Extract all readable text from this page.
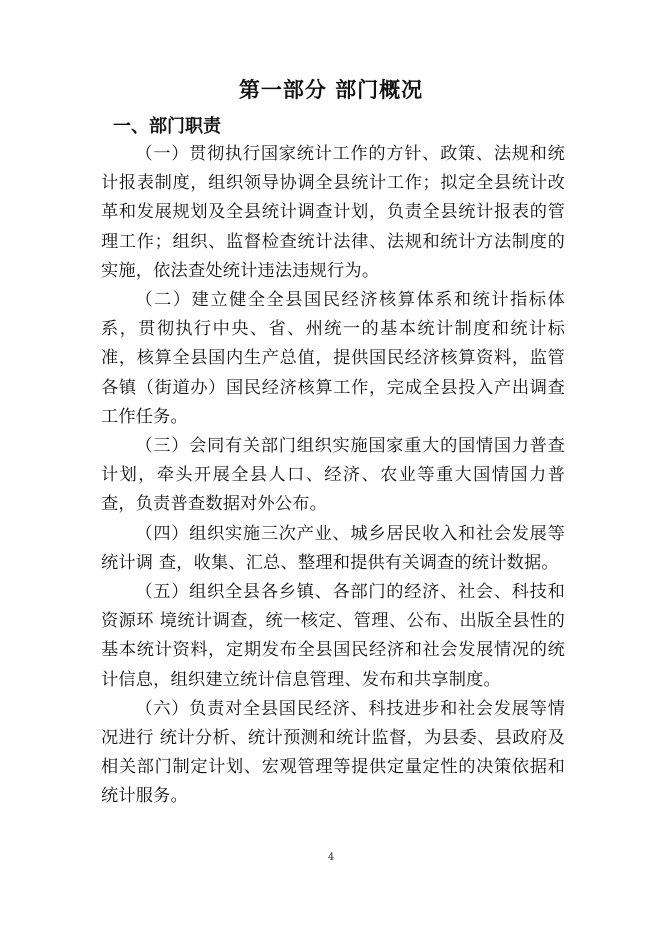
第一部分 部门概况
一、部门职责

（一）贯彻执行国家统计工作的方针、政策、法规和统计报表制度，组织领导协调全县统计工作；拟定全县统计改革和发展规划及全县统计调查计划，负责全县统计报表的管理工作；组织、监督检查统计法律、法规和统计方法制度的实施，依法查处统计违法违规行为。

（二）建立健全全县国民经济核算体系和统计指标体系，贯彻执行中央、省、州统一的基本统计制度和统计标准，核算全县国内生产总值，提供国民经济核算资料，监管各镇（街道办）国民经济核算工作，完成全县投入产出调查工作任务。

（三）会同有关部门组织实施国家重大的国情国力普查计划，牵头开展全县人口、经济、农业等重大国情国力普查，负责普查数据对外公布。

（四）组织实施三次产业、城乡居民收入和社会发展等统计调 查，收集、汇总、整理和提供有关调查的统计数据。

（五）组织全县各乡镇、各部门的经济、社会、科技和资源环 境统计调查，统一核定、管理、公布、出版全县性的基本统计资料，定期发布全县国民经济和社会发展情况的统计信息，组织建立统计信息管理、发布和共享制度。

（六）负责对全县国民经济、科技进步和社会发展等情况进行 统计分析、统计预测和统计监督，为县委、县政府及相关部门制定计划、宏观管理等提供定量定性的决策依据和统计服务。

4
